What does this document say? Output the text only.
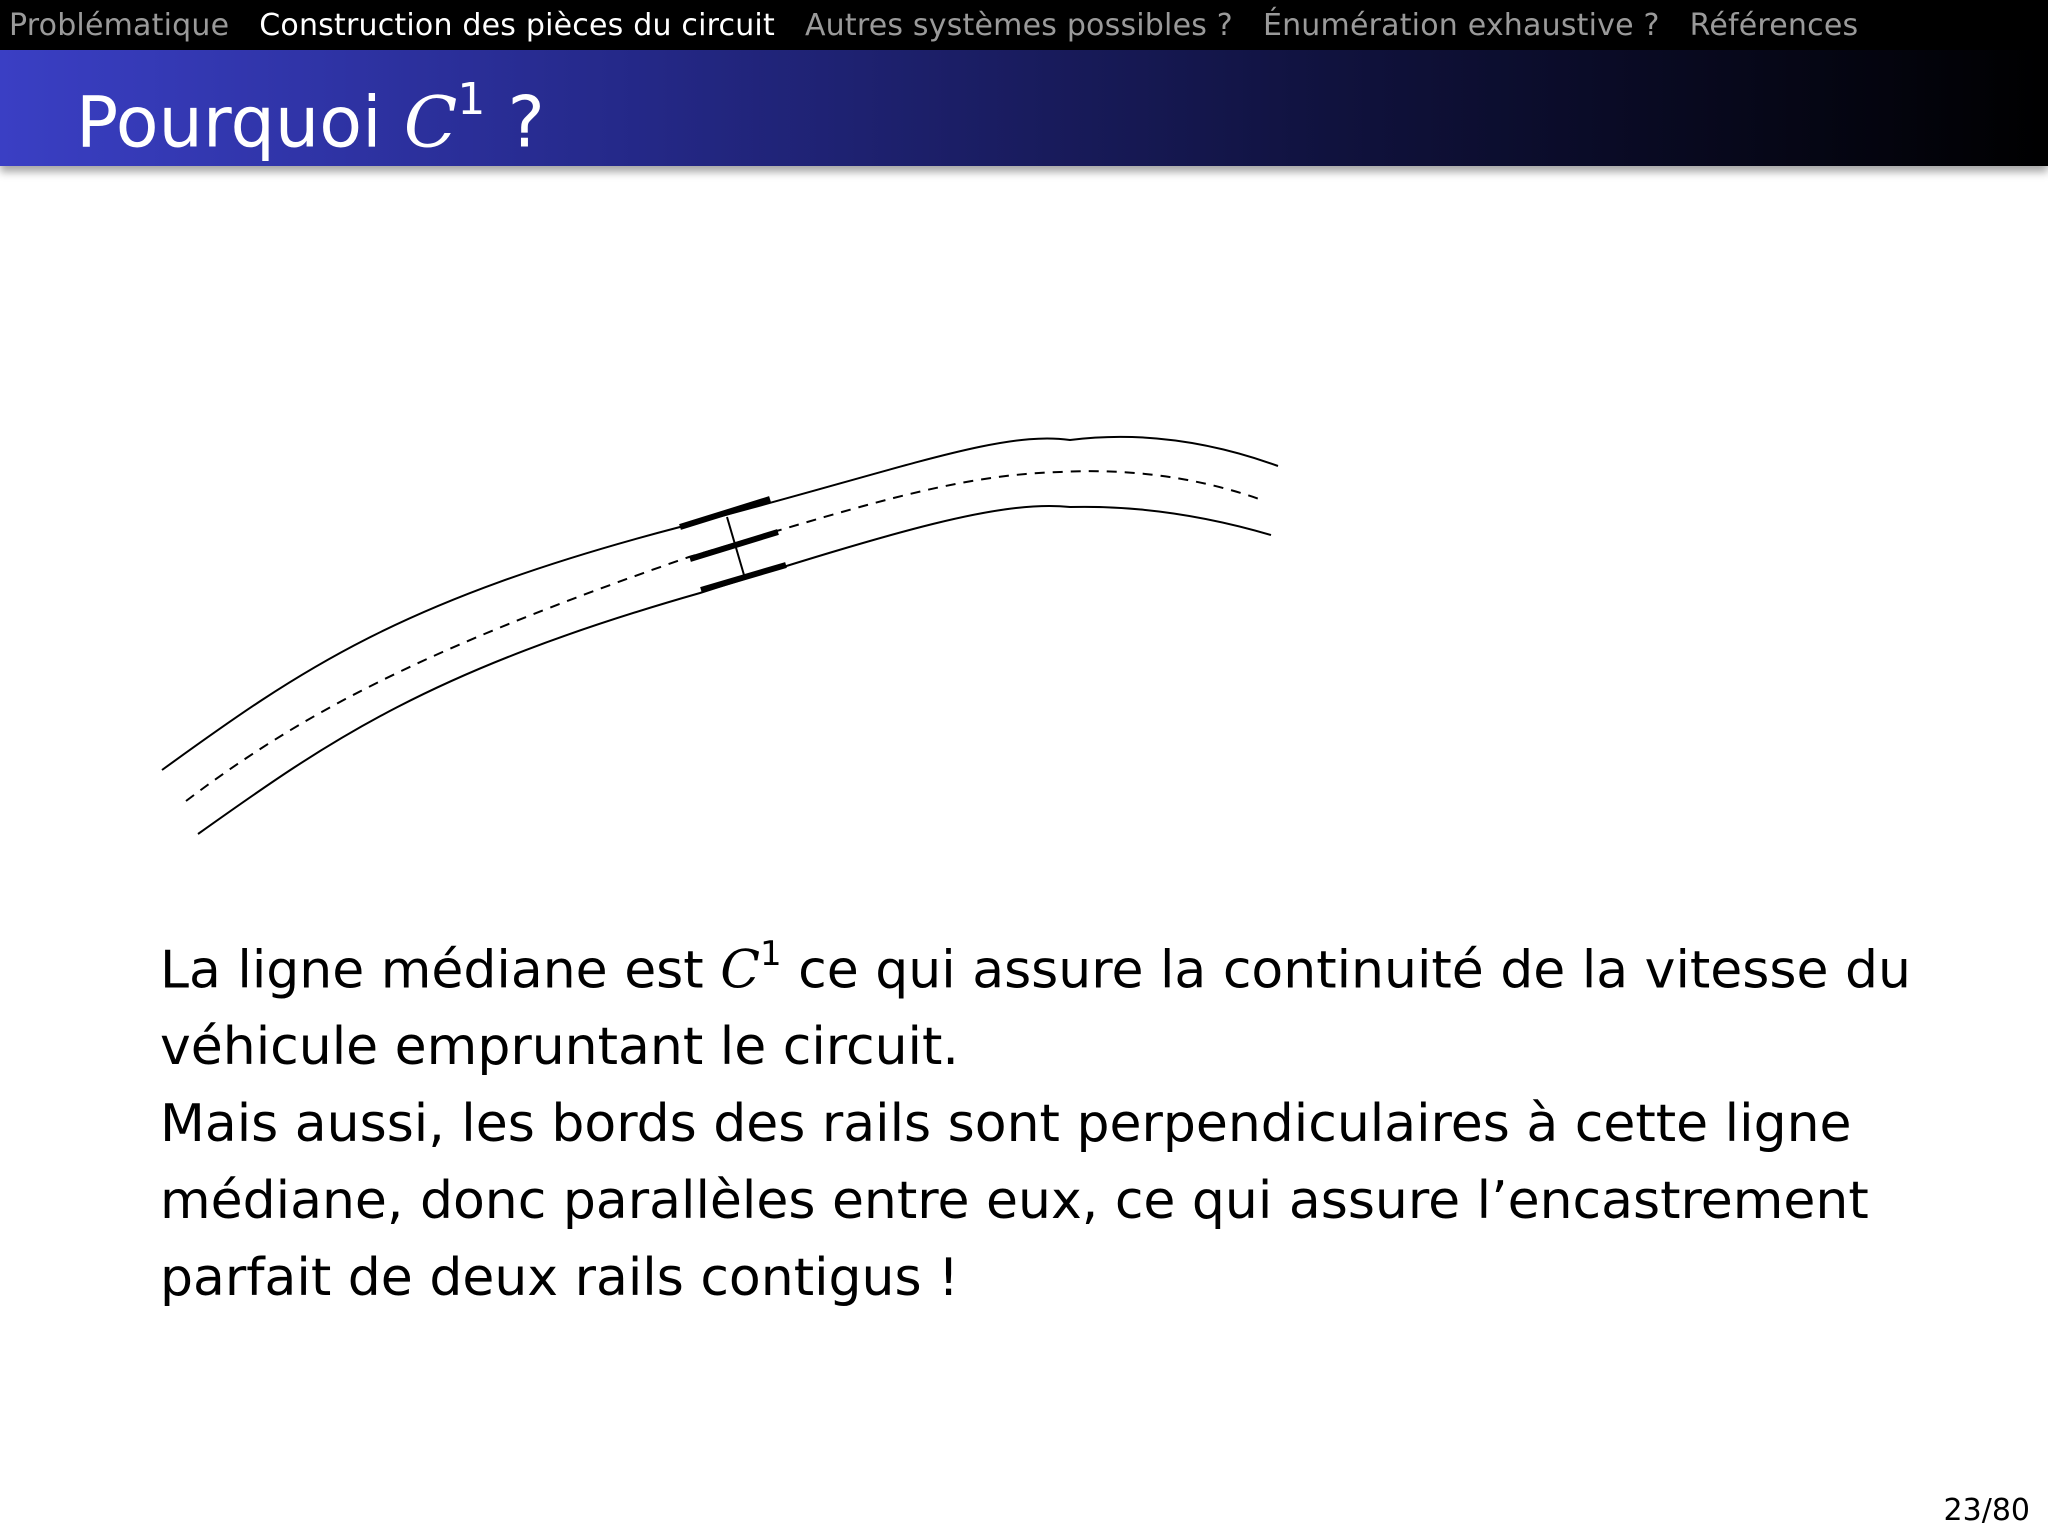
Problématique Construction des pièces du circuit Autres systèmes possibles ? Énumération exhaustive ? Références
Pourquoi $C^1$ ?
La ligne médiane est $C^1$ ce qui assure la continuité de la vitesse du véhicule empruntant le circuit.
Mais aussi, les bords des rails sont perpendiculaires à cette ligne médiane, donc parallèles entre eux, ce qui assure l’encastrement parfait de deux rails contigus !
23/80
